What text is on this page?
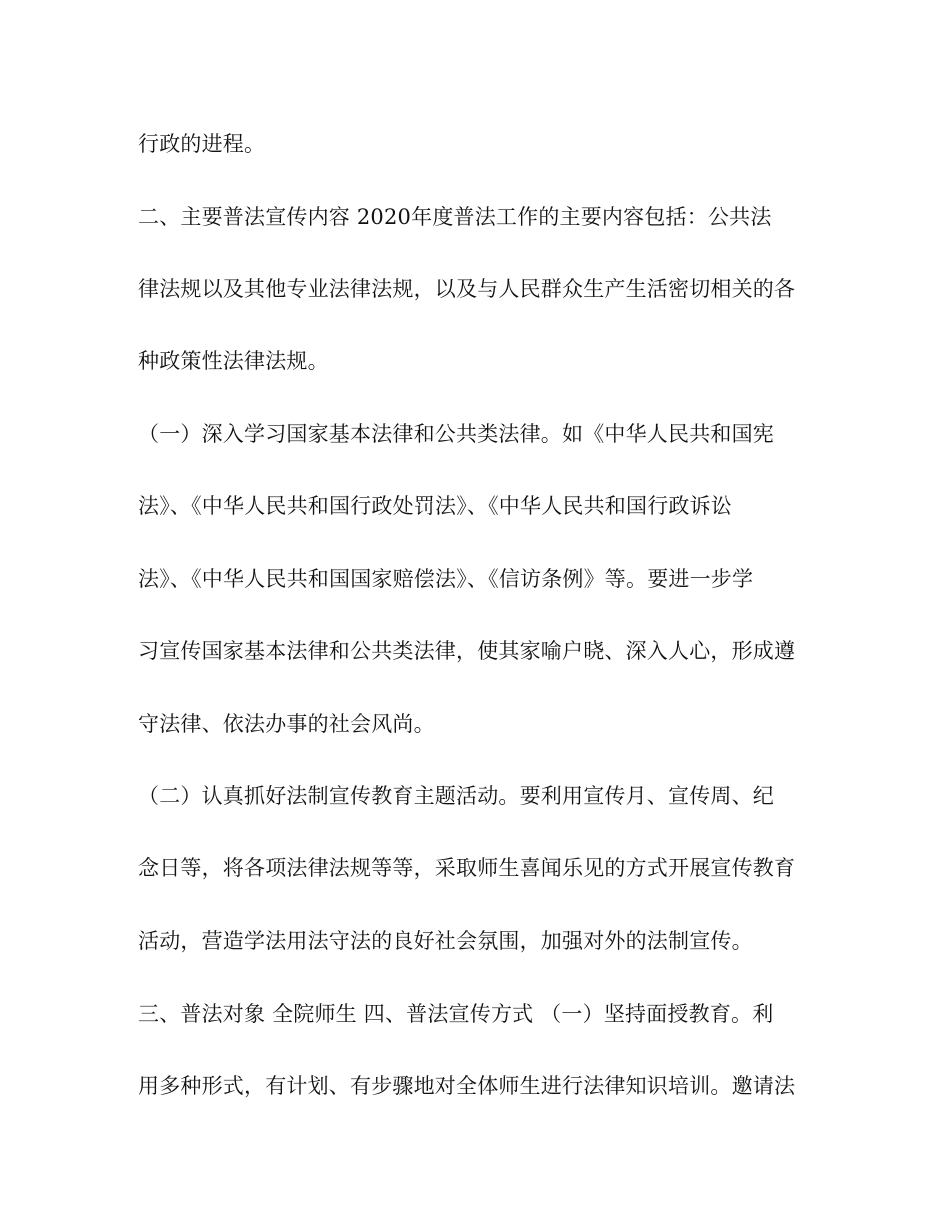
行政的进程。

二、主要普法宣传内容 2020年度普法工作的主要内容包括：公共法

律法规以及其他专业法律法规，以及与人民群众生产生活密切相关的各

种政策性法律法规。

（一）深入学习国家基本法律和公共类法律。如《中华人民共和国宪

法》、《中华人民共和国行政处罚法》、《中华人民共和国行政诉讼

法》、《中华人民共和国国家赔偿法》、《信访条例》等。要进一步学

习宣传国家基本法律和公共类法律，使其家喻户晓、深入人心，形成遵

守法律、依法办事的社会风尚。

（二）认真抓好法制宣传教育主题活动。要利用宣传月、宣传周、纪

念日等，将各项法律法规等等，采取师生喜闻乐见的方式开展宣传教育

活动，营造学法用法守法的良好社会氛围，加强对外的法制宣传。

三、普法对象 全院师生 四、普法宣传方式 （一）坚持面授教育。利

用多种形式，有计划、有步骤地对全体师生进行法律知识培训。邀请法
